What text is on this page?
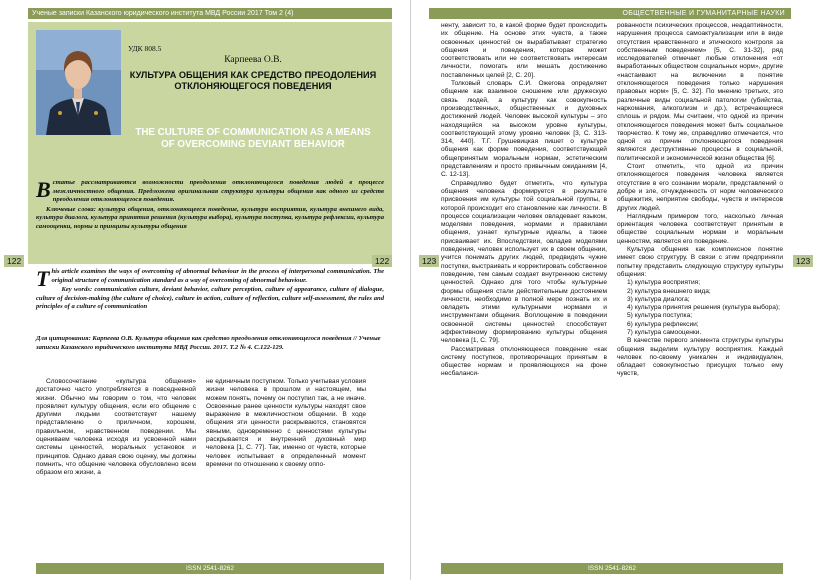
Ученые записки Казанского юридического института МВД России 2017 Том 2 (4)
УДК 808.5
Карпеева О.В.
КУЛЬТУРА ОБЩЕНИЯ КАК СРЕДСТВО ПРЕОДОЛЕНИЯ ОТКЛОНЯЮЩЕГОСЯ ПОВЕДЕНИЯ
THE CULTURE OF COMMUNICATION AS A MEANS OF OVERCOMING DEVIANT BEHAVIOR
Встатье рассматриваются возможности преодоления отклоняющегося поведения людей в процессе межличностного общения. Предложена оригинальная структура культуры общения как одного из средств преодоления отклоняющегося поведения.
Ключевые слова: культура общения, отклоняющееся поведение, культура восприятия, культура внешнего вида, культура диалога, культура принятия решения (культура выбора), культура поступка, культура рефлексии, культура самооценки, нормы и принципы культуры общения
This article examines the ways of overcoming of abnormal behaviour in the process of interpersonal communication. The original structure of communication standard as a way of overcoming of abnormal behaviour.
Key words: communication culture, deviant behavior, culture perception, culture of appearance, culture of dialogue, culture of decision-making (the culture of choice), culture in action, culture of reflection, culture self-assessment, the rules and principles of a culture of communication
Для цитирования: Карпеева О.В. Культура общения как средство преодоления отклоняющегося поведения // Ученые записки Казанского юридического института МВД России. 2017. Т.2 № 4. С.122-129.

Словосочетание «культура общения» достаточно часто употребляется в повседневной жизни. Обычно мы говорим о том, что человек проявляет культуру общения, если его общение с другими людьми соответствует нашему представлению о приличном, хорошем, правильном, нравственном поведении. Мы оцениваем человека исходя из усвоенной нами системы ценностей, моральных установок и принципов. Однако давая свою оценку, мы должны помнить, что общение человека обусловлено всем образом его жизни, а

не единичным поступком. Только учитывая условия жизни человека в прошлом и настоящем, мы можем понять, почему он поступил так, а не иначе. Освоенные ранее ценности культуры находят свое выражение в межличностном общении. В ходе общения эти ценности раскрываются, становятся явными, одновременно с ценностями культуры раскрывается и внутренний духовный мир человека [1, С. 77]. Так, именно от чувств, которые человек испытывает в определенный момент времени по отношению к своему оппо-

122	122
ISSN 2541-8262
ОБЩЕСТВЕННЫЕ И ГУМАНИТАРНЫЕ НАУКИ

ненту, зависит то, в какой форме будет происходить их общение. На основе этих чувств, а также освоенных ценностей он вырабатывает стратегию общения и поведения, которая может соответствовать или не соответствовать интересам личности, помогать или мешать достижению поставленных целей [2, С. 20].

Толковый словарь С.И. Ожегова определяет общение как взаимное сношение или дружескую связь людей, а культуру как совокупность производственных, общественных и духовных достижений людей. Человек высокой культуры – это находящийся на высоком уровне культуры, соответствующий этому уровню человек [3, С. 313-314, 440]. Т.Г. Грушевицкая пишет о культуре общения как форме поведения, соответствующей общепринятым моральным нормам, эстетическим представлениям и просто привычным ожиданиям [4, С. 12-13].

Справедливо будет отметить, что культура общения человека формируется в результате присвоения им культуры той социальной группы, в которой происходит его становление как личности. В процессе социализации человек овладевает языком, моделями поведения, нормами и правилами общения, узнает культурные идеалы, а также присваивает их. Впоследствии, овладев моделями поведения, человек использует их в своем общении, учится понимать других людей, предвидеть чужие поступки, выстраивать и корректировать собственное поведение, тем самым создает внутреннюю систему ценностей. Однако для того чтобы культурные формы общения стали действительным достоянием личности, необходимо в полной мере познать их и овладеть этими культурными нормами и инструментами общения. Воплощение в поведении освоенной системы ценностей способствует эффективному формированию культуры общения человека [1, С. 79].

Рассматривая отклоняющееся поведение «как систему поступков, противоречащих принятым в обществе нормам и проявляющихся на фоне несбаланси-

рованности психических процессов, неадаптивности, нарушения процесса самоактуализации или в виде отсутствия нравственного и этического контроля за собственным поведением» [5, С. 31-32], ряд исследователей отмечает любые отклонения «от выработанных обществом социальных норм», другие «настаивают на включении в понятие отклоняющегося поведения только нарушения правовых норм» [5, С. 32]. По мнению третьих, это различные виды социальной патологии (убийства, наркомания, алкоголизм и др.), встречающиеся сплошь и рядом. Мы считаем, что одной из причин отклоняющегося поведения может быть социальное творчество. К тому же, справедливо отмечается, что одной из причин отклоняющегося поведения являются деструктивные процессы в социальной, политической и экономической жизни общества [6].

Стоит отметить, что одной из причин отклоняющегося поведения человека является отсутствие в его сознании морали, представлений о добре и зле, отчужденность от норм человеческого общежития, неприятие свободы, чувств и интересов других людей.

Наглядным примером того, насколько личная ориентация человека соответствует принятым в обществе социальным нормам и моральным ценностям, является его поведение.

Культура общения как комплексное понятие имеет свою структуру. В связи с этим предприняли попытку представить следующую структуру культуры общения:

1) культура восприятия;

2) культура внешнего вида;

3) культура диалога;

4) культура принятия решения (культура выбора);

5) культура поступка;

6) культура рефлексии;

7) культура самооценки.

В качестве первого элемента структуры культуры общения выделим культуру восприятия. Каждый человек по-своему уникален и индивидуален, обладает совокупностью присущих только ему чувств,

123	123
ISSN 2541-8262
